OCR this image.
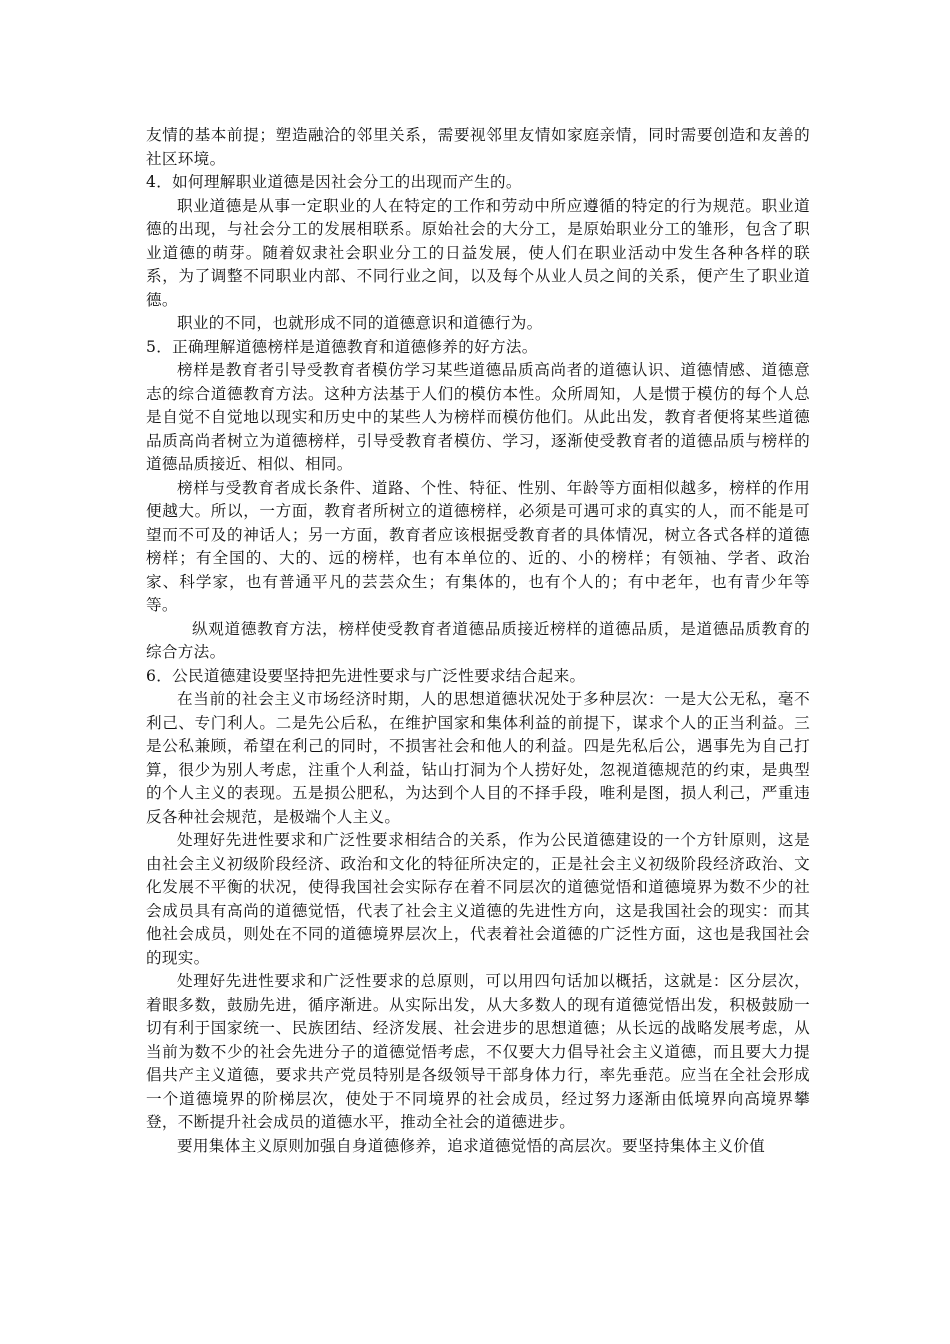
友情的基本前提；塑造融洽的邻里关系，需要视邻里友情如家庭亲情，同时需要创造和友善的社区环境。

4．如何理解职业道德是因社会分工的出现而产生的。

职业道德是从事一定职业的人在特定的工作和劳动中所应遵循的特定的行为规范。职业道德的出现，与社会分工的发展相联系。原始社会的大分工，是原始职业分工的雏形，包含了职业道德的萌芽。随着奴隶社会职业分工的日益发展，使人们在职业活动中发生各种各样的联系，为了调整不同职业内部、不同行业之间，以及每个从业人员之间的关系，便产生了职业道德。

职业的不同，也就形成不同的道德意识和道德行为。

5．正确理解道德榜样是道德教育和道德修养的好方法。

榜样是教育者引导受教育者模仿学习某些道德品质高尚者的道德认识、道德情感、道德意志的综合道德教育方法。这种方法基于人们的模仿本性。众所周知，人是惯于模仿的每个人总是自觉不自觉地以现实和历史中的某些人为榜样而模仿他们。从此出发，教育者便将某些道德品质高尚者树立为道德榜样，引导受教育者模仿、学习，逐渐使受教育者的道德品质与榜样的道德品质接近、相似、相同。

榜样与受教育者成长条件、道路、个性、特征、性别、年龄等方面相似越多，榜样的作用便越大。所以，一方面，教育者所树立的道德榜样，必须是可遇可求的真实的人，而不能是可望而不可及的神话人；另一方面，教育者应该根据受教育者的具体情况，树立各式各样的道德榜样；有全国的、大的、远的榜样，也有本单位的、近的、小的榜样；有领袖、学者、政治家、科学家，也有普通平凡的芸芸众生；有集体的，也有个人的；有中老年，也有青少年等等。

纵观道德教育方法，榜样使受教育者道德品质接近榜样的道德品质，是道德品质教育的综合方法。

6．公民道德建设要坚持把先进性要求与广泛性要求结合起来。

在当前的社会主义市场经济时期，人的思想道德状况处于多种层次：一是大公无私，毫不利己、专门利人。二是先公后私，在维护国家和集体利益的前提下，谋求个人的正当利益。三是公私兼顾，希望在利己的同时，不损害社会和他人的利益。四是先私后公，遇事先为自己打算，很少为别人考虑，注重个人利益，钻山打洞为个人捞好处，忽视道德规范的约束，是典型的个人主义的表现。五是损公肥私，为达到个人目的不择手段，唯利是图，损人利己，严重违反各种社会规范，是极端个人主义。

处理好先进性要求和广泛性要求相结合的关系，作为公民道德建设的一个方针原则，这是由社会主义初级阶段经济、政治和文化的特征所决定的，正是社会主义初级阶段经济政治、文化发展不平衡的状况，使得我国社会实际存在着不同层次的道德觉悟和道德境界为数不少的社会成员具有高尚的道德觉悟，代表了社会主义道德的先进性方向，这是我国社会的现实：而其他社会成员，则处在不同的道德境界层次上，代表着社会道德的广泛性方面，这也是我国社会的现实。

处理好先进性要求和广泛性要求的总原则，可以用四句话加以概括，这就是：区分层次，着眼多数，鼓励先进，循序渐进。从实际出发，从大多数人的现有道德觉悟出发，积极鼓励一切有利于国家统一、民族团结、经济发展、社会进步的思想道德；从长远的战略发展考虑，从当前为数不少的社会先进分子的道德觉悟考虑，不仅要大力倡导社会主义道德，而且要大力提倡共产主义道德，要求共产党员特别是各级领导干部身体力行，率先垂范。应当在全社会形成一个道德境界的阶梯层次，使处于不同境界的社会成员，经过努力逐渐由低境界向高境界攀登，不断提升社会成员的道德水平，推动全社会的道德进步。

要用集体主义原则加强自身道德修养，追求道德觉悟的高层次。要坚持集体主义价值
